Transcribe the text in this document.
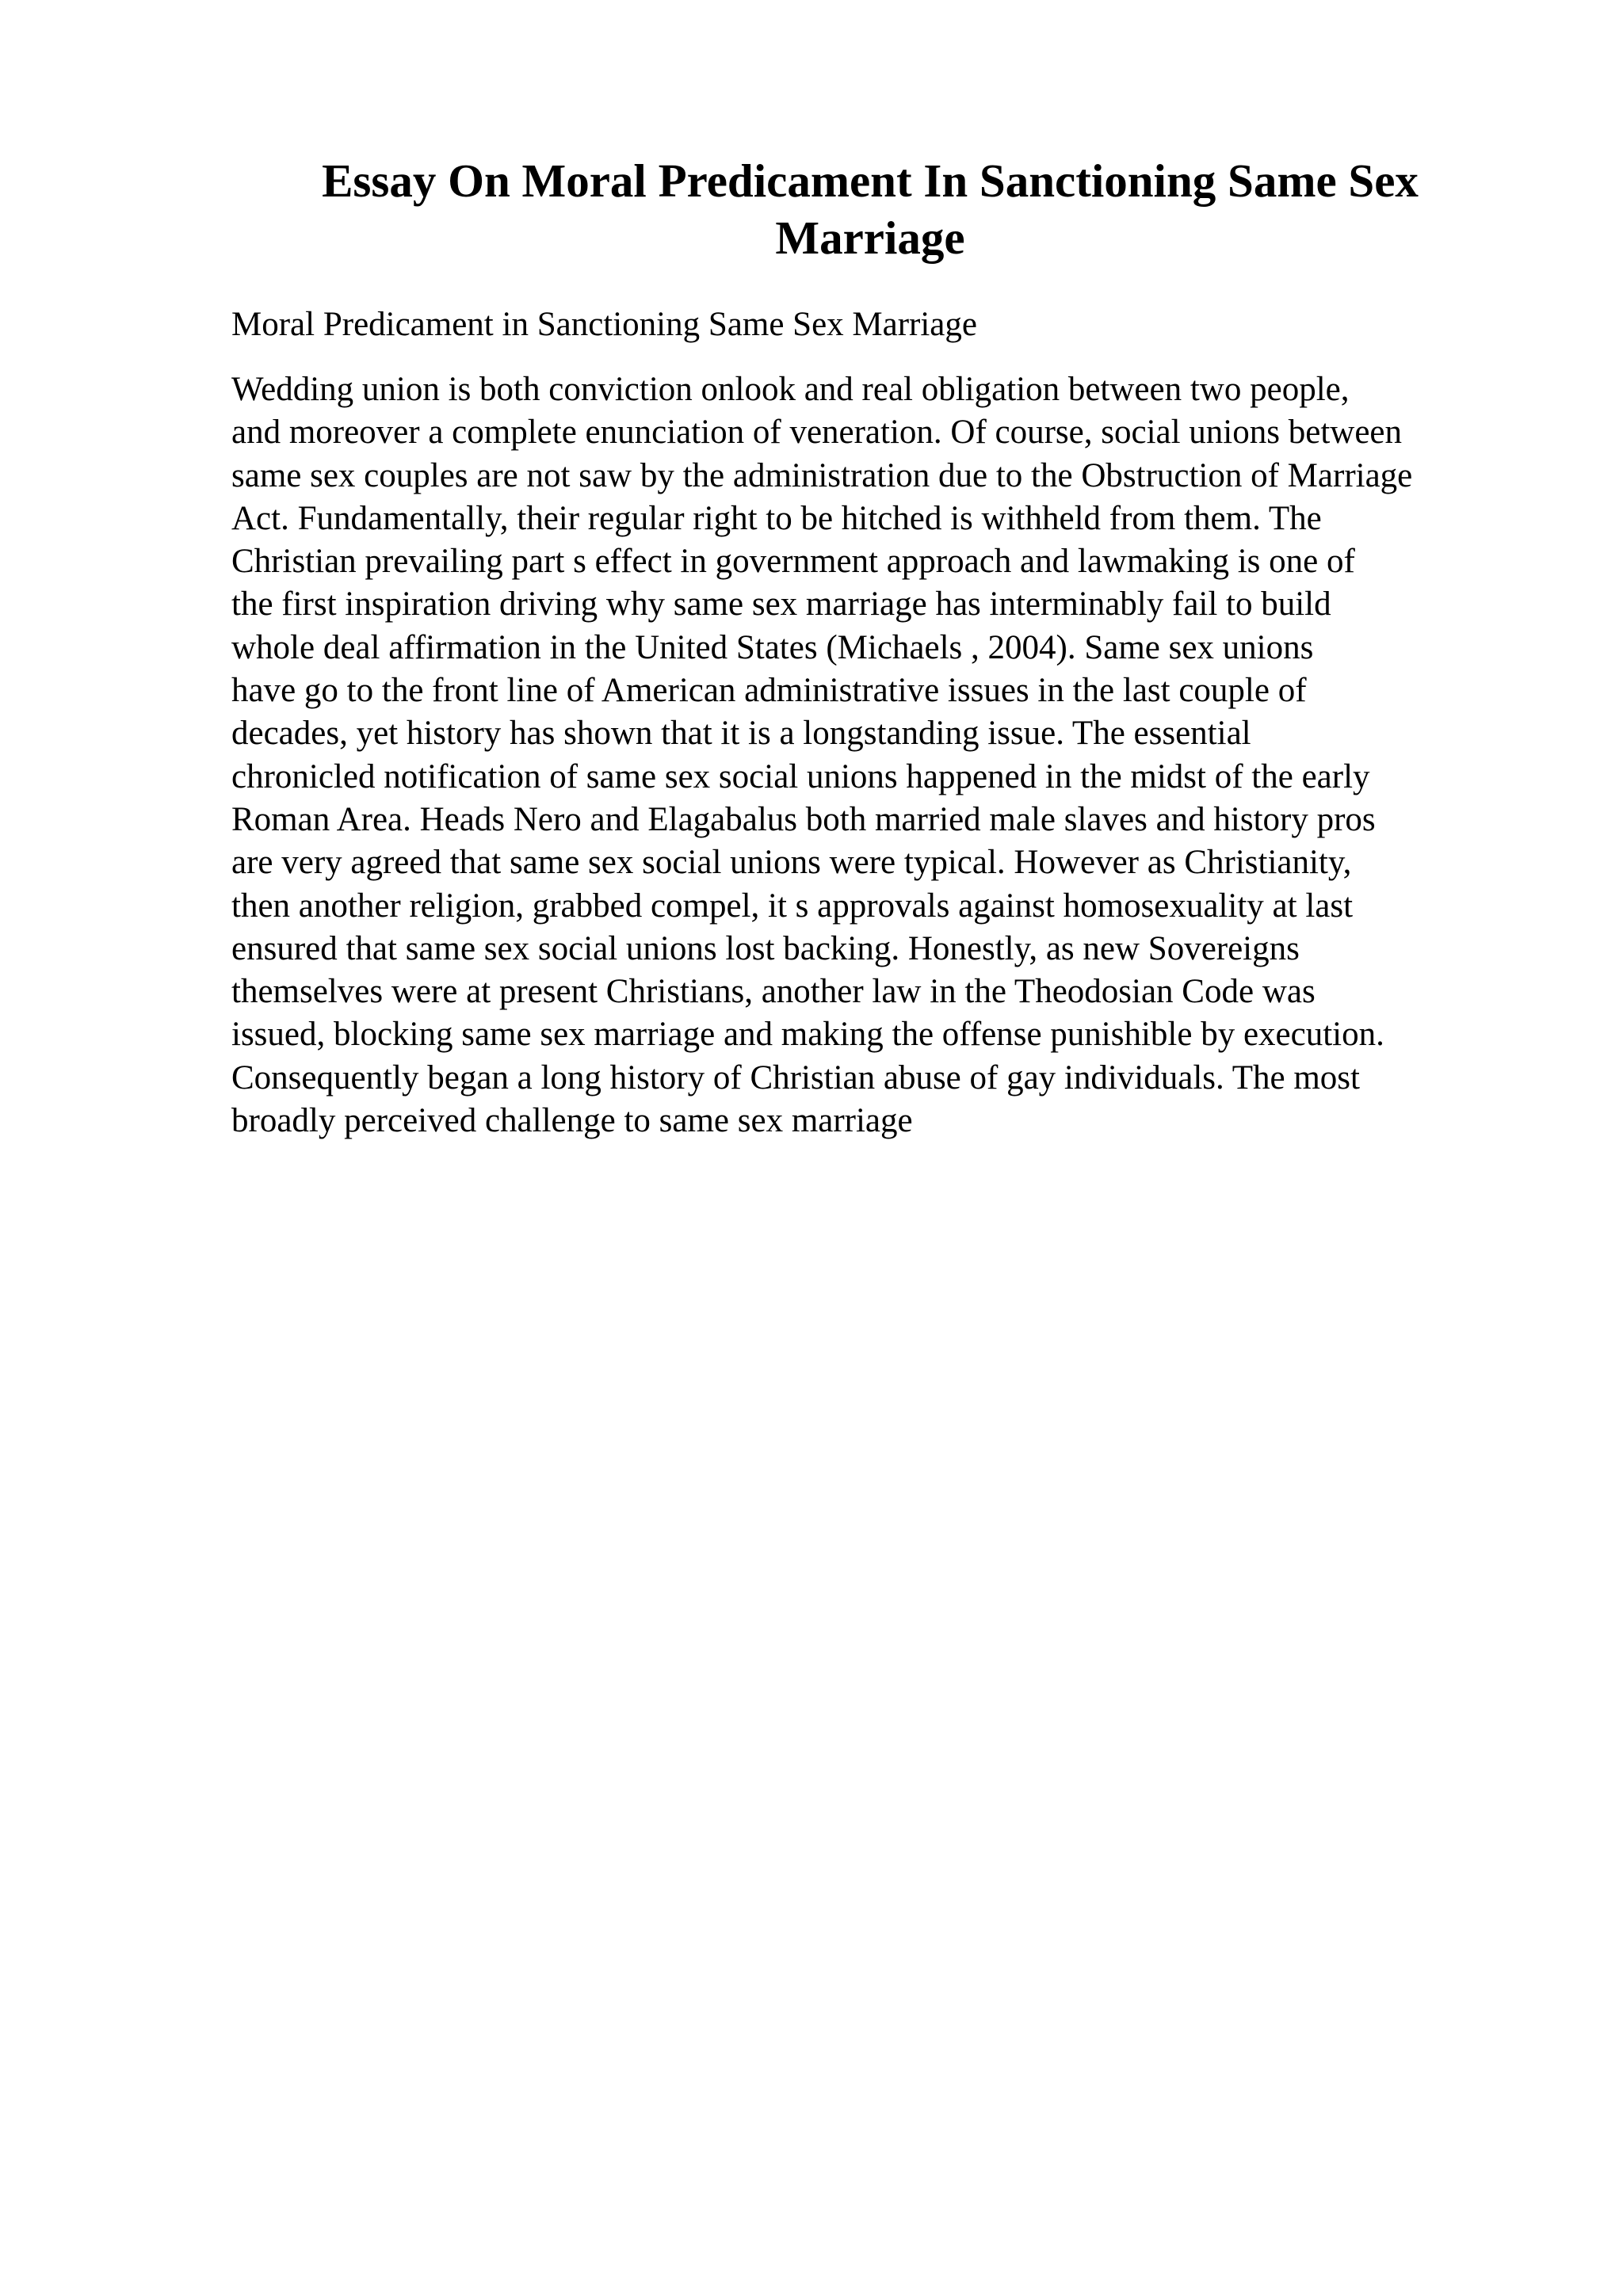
Essay On Moral Predicament In Sanctioning Same Sex Marriage

Moral Predicament in Sanctioning Same Sex Marriage

Wedding union is both conviction onlook and real obligation between two people,
and moreover a complete enunciation of veneration. Of course, social unions between
same sex couples are not saw by the administration due to the Obstruction of Marriage
Act. Fundamentally, their regular right to be hitched is withheld from them. The
Christian prevailing part s effect in government approach and lawmaking is one of
the first inspiration driving why same sex marriage has interminably fail to build
whole deal affirmation in the United States (Michaels , 2004). Same sex unions
have go to the front line of American administrative issues in the last couple of
decades, yet history has shown that it is a longstanding issue. The essential
chronicled notification of same sex social unions happened in the midst of the early
Roman Area. Heads Nero and Elagabalus both married male slaves and history pros
are very agreed that same sex social unions were typical. However as Christianity,
then another religion, grabbed compel, it s approvals against homosexuality at last
ensured that same sex social unions lost backing. Honestly, as new Sovereigns
themselves were at present Christians, another law in the Theodosian Code was
issued, blocking same sex marriage and making the offense punishible by execution.
Consequently began a long history of Christian abuse of gay individuals. The most
broadly perceived challenge to same sex marriage
